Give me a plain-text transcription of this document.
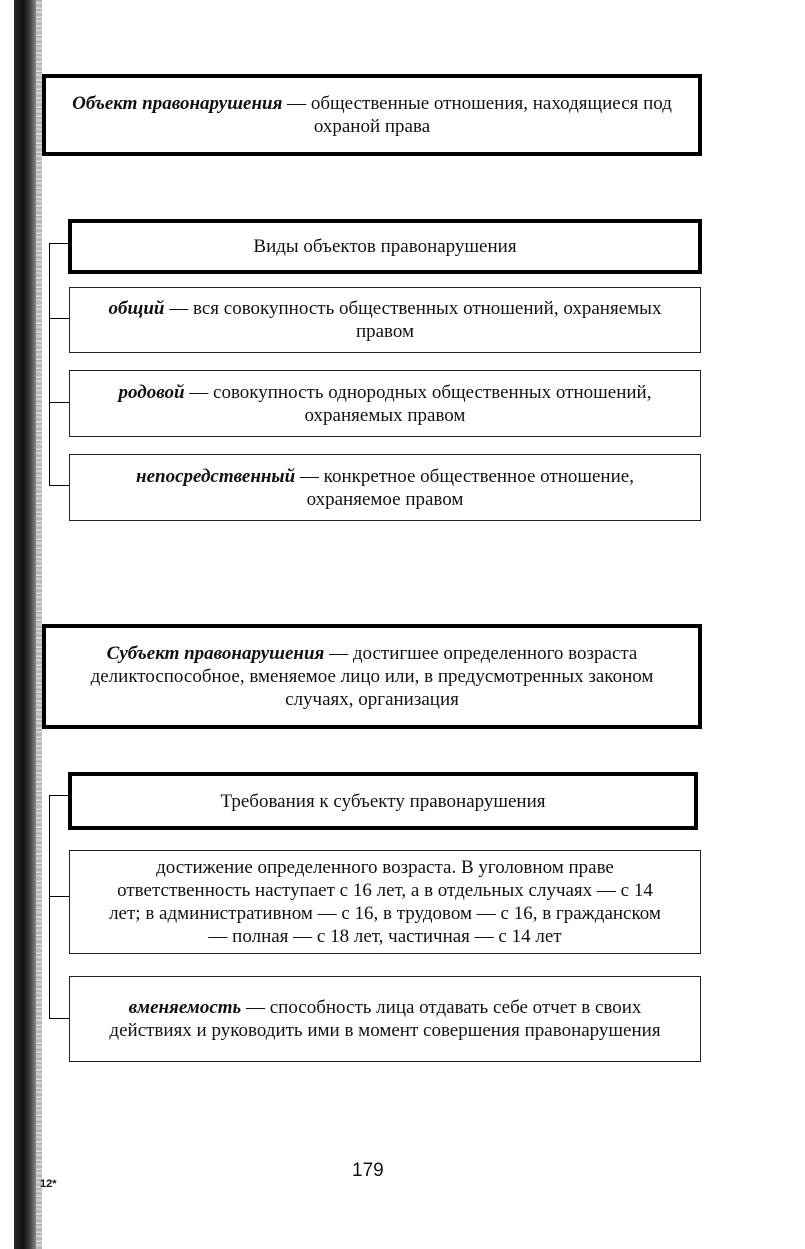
Объект правонарушения — общественные отношения, находящиеся под охраной права
Виды объектов правонарушения
общий — вся совокупность общественных отношений, охраняемых правом
родовой — совокупность однородных общественных отношений, охраняемых правом
непосредственный — конкретное общественное отношение, охраняемое правом
Субъект правонарушения — достигшее определенного возраста деликтоспособное, вменяемое лицо или, в предусмотренных законом случаях, организация
Требования к субъекту правонарушения
достижение определенного возраста. В уголовном праве ответственность наступает с 16 лет, а в отдельных случаях — с 14 лет; в административном — с 16, в трудовом — с 16, в гражданском — полная — с 18 лет, частичная — с 14 лет
вменяемость — способность лица отдавать себе отчет в своих действиях и руководить ими в момент совершения правонарушения
179
12*
